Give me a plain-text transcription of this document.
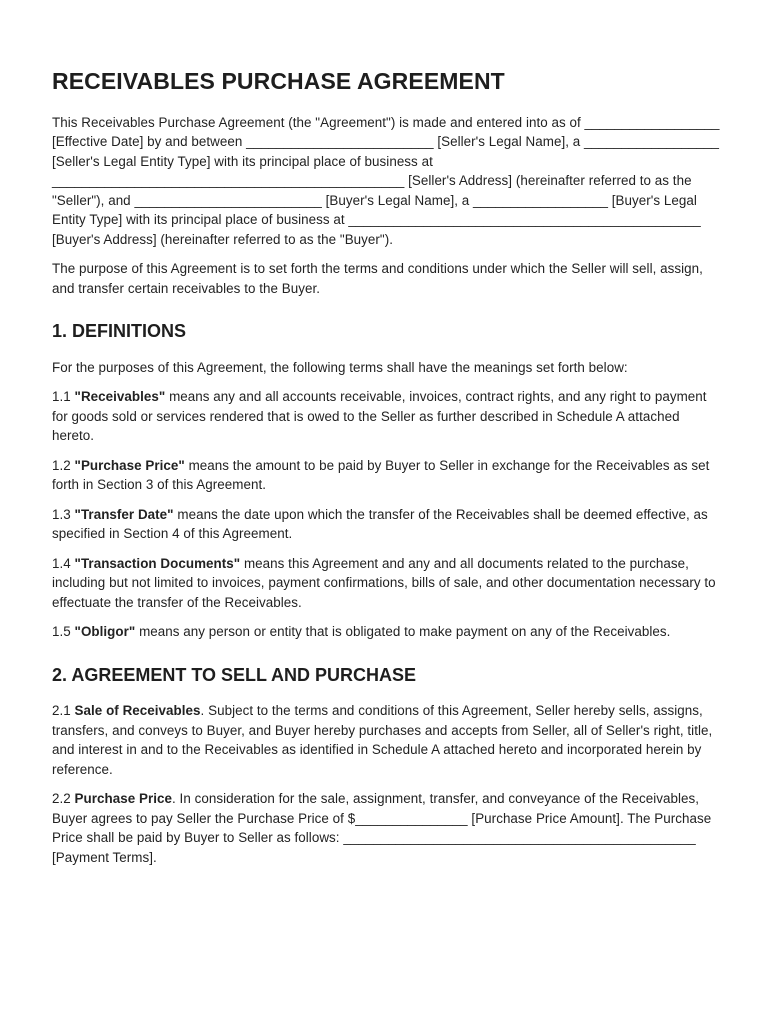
RECEIVABLES PURCHASE AGREEMENT

This Receivables Purchase Agreement (the "Agreement") is made and entered into as of __________________ [Effective Date] by and between _________________________ [Seller's Legal Name], a __________________ [Seller's Legal Entity Type] with its principal place of business at _______________________________________________ [Seller's Address] (hereinafter referred to as the "Seller"), and _________________________ [Buyer's Legal Name], a __________________ [Buyer's Legal Entity Type] with its principal place of business at _______________________________________________ [Buyer's Address] (hereinafter referred to as the "Buyer").

The purpose of this Agreement is to set forth the terms and conditions under which the Seller will sell, assign, and transfer certain receivables to the Buyer.

1. DEFINITIONS

For the purposes of this Agreement, the following terms shall have the meanings set forth below:

1.1 "Receivables" means any and all accounts receivable, invoices, contract rights, and any right to payment for goods sold or services rendered that is owed to the Seller as further described in Schedule A attached hereto.

1.2 "Purchase Price" means the amount to be paid by Buyer to Seller in exchange for the Receivables as set forth in Section 3 of this Agreement.

1.3 "Transfer Date" means the date upon which the transfer of the Receivables shall be deemed effective, as specified in Section 4 of this Agreement.

1.4 "Transaction Documents" means this Agreement and any and all documents related to the purchase, including but not limited to invoices, payment confirmations, bills of sale, and other documentation necessary to effectuate the transfer of the Receivables.

1.5 "Obligor" means any person or entity that is obligated to make payment on any of the Receivables.

2. AGREEMENT TO SELL AND PURCHASE

2.1 Sale of Receivables. Subject to the terms and conditions of this Agreement, Seller hereby sells, assigns, transfers, and conveys to Buyer, and Buyer hereby purchases and accepts from Seller, all of Seller's right, title, and interest in and to the Receivables as identified in Schedule A attached hereto and incorporated herein by reference.

2.2 Purchase Price. In consideration for the sale, assignment, transfer, and conveyance of the Receivables, Buyer agrees to pay Seller the Purchase Price of $_______________ [Purchase Price Amount]. The Purchase Price shall be paid by Buyer to Seller as follows: _______________________________________________ [Payment Terms].
